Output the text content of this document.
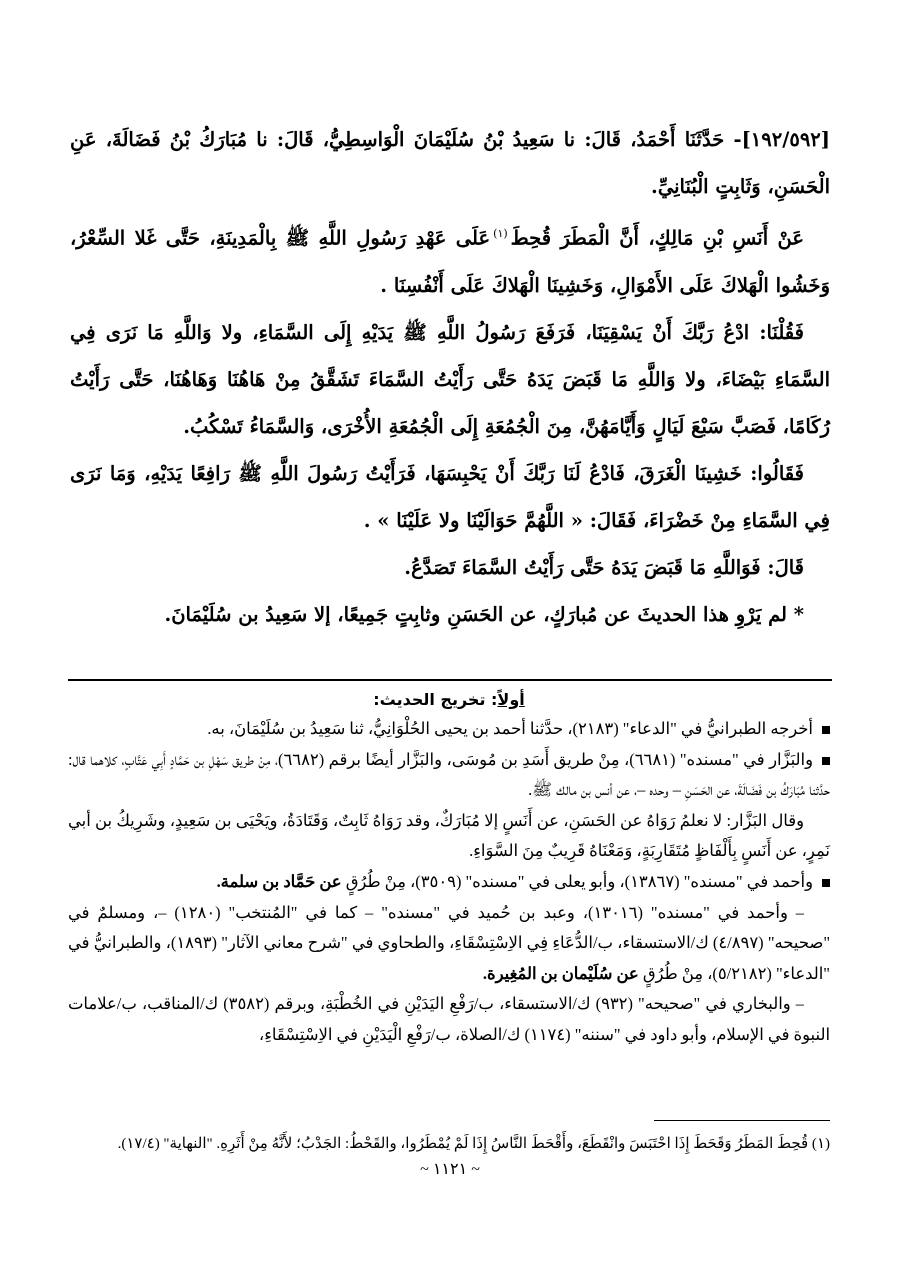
[١٩٢/٥٩٢]- حَدَّثَنَا أَحْمَدُ، قَالَ: نا سَعِيدُ بْنُ سُلَيْمَانَ الْوَاسِطِيُّ، قَالَ: نا مُبَارَكُ بْنُ فَضَالَةَ، عَنِ الْحَسَنِ، وَثَابِتٍ الْبُنَانِيِّ.

عَنْ أَنَسِ بْنِ مَالِكٍ، أَنَّ الْمَطَرَ قُحِطَ$^{(١)}$عَلَى عَهْدِ رَسُولِ اللَّهِ ﷺ بِالْمَدِينَةِ، حَتَّى غَلا السِّعْرُ، وَخَشُوا الْهَلاكَ عَلَى الأَمْوَالِ، وَخَشِينَا الْهَلاكَ عَلَى أَنْفُسِنَا .

فَقُلْنَا: ادْعُ رَبَّكَ أَنْ يَسْقِيَنَا، فَرَفَعَ رَسُولُ اللَّهِ ﷺ يَدَيْهِ إِلَى السَّمَاءِ، ولا وَاللَّهِ مَا نَرَى فِي السَّمَاءِ بَيْضَاءَ، ولا وَاللَّهِ مَا قَبَضَ يَدَهُ حَتَّى رَأَيْتُ السَّمَاءَ تَشَقَّقُ مِنْ هَاهُنَا وَهَاهُنَا، حَتَّى رَأَيْتُ رُكَامًا، فَصَبَّ سَبْعَ لَيَالٍ وَأَيَّامَهُنَّ، مِنَ الْجُمُعَةِ إِلَى الْجُمُعَةِ الأُخْرَى، وَالسَّمَاءُ تَسْكُبُ.

فَقَالُوا: خَشِينَا الْغَرَقَ، فَادْعُ لَنَا رَبَّكَ أَنْ يَحْبِسَهَا، فَرَأَيْتُ رَسُولَ اللَّهِ ﷺ رَافِعًا يَدَيْهِ، وَمَا نَرَى فِي السَّمَاءِ مِنْ خَضْرَاءَ، فَقَالَ: « اللَّهُمَّ حَوَالَيْنَا ولا عَلَيْنَا » .

قَالَ: فَوَاللَّهِ مَا قَبَضَ يَدَهُ حَتَّى رَأَيْتُ السَّمَاءَ تَصَدَّعُ.

* لم يَرْوِ هذا الحديثَ عن مُبارَكٍ، عن الحَسَنِ وثابِتٍ جَمِيعًا، إلا سَعِيدُ بن سُلَيْمَانَ.

أولاً: تخريج الحديث:

أخرجه الطبرانيُّ في "الدعاء" (٢١٨٣)، حدَّثنا أحمد بن يحيى الحُلْوَانِيُّ، ثنا سَعِيدُ بن سُلَيْمَانَ، به.

والبَزَّار في "مسنده" (٦٦٨١)، مِنْ طريق أَسَدِ بن مُوسَى، والبَزَّار أيضًا برقم (٦٦٨٢)، مِنْ طريق سَهْلِ بن حَمَّادٍ أَبِي عَتَّابٍ، كلاهما قال: حدَّثنا مُبَارَكُ بن فَضَالَةَ، عن الحَسَنِ – وحده –، عن أنس بن مالك ﷺ.

وقال البَزَّار: لا نعلمُ رَوَاهُ عن الحَسَنِ، عن أَنَسٍ إلا مُبَارَكٌ، وقد رَوَاهُ ثَابِتٌ، وَقَتَادَةُ، ويَحْيَى بن سَعِيدٍ، وشَرِيكُ بن أبي نَمِرٍ، عن أَنَسٍ بِأَلْفَاظٍ مُتَقَارِبَةٍ، وَمَعْنَاهُ قَرِيبٌ مِنَ السَّوَاءِ.

وأحمد في "مسنده" (١٣٨٦٧)، وأبو يعلى في "مسنده" (٣٥٠٩)، مِنْ طُرُقٍ عن حَمَّاد بن سلمة.

– وأحمد في "مسنده" (١٣٠١٦)، وعبد بن حُميد في "مسنده" – كما في "المُنتخب" (١٢٨٠) –، ومسلمٌ في "صحيحه" (٤/٨٩٧) ك/الاستسقاء، ب/الدُّعَاءِ فِي الاِسْتِسْقَاءِ، والطحاوي في "شرح معاني الآثار" (١٨٩٣)، والطبرانيُّ في "الدعاء" (٥/٢١٨٢)، مِنْ طُرُقٍ عن سُلَيْمان بن المُغِيرة.

– والبخاري في "صحيحه" (٩٣٢) ك/الاستسقاء، ب/رَفْعِ اليَدَيْنِ في الخُطْبَةِ، وبرقم (٣٥٨٢) ك/المناقب، ب/علامات النبوة في الإسلام، وأبو داود في "سننه" (١١٧٤) ك/الصلاة، ب/رَفْعِ الْيَدَيْنِ في الاِسْتِسْقَاءِ،

(١) قُحِطَ المَطَرُ وَقَحَطَ إِذَا احْتَبَسَ وانْقَطَعَ، وأَقْحَطَ النَّاسُ إِذَا لَمْ يُمْطَرُوا، والقَحْطُ: الجَدْبُ؛ لأَنَّهُ مِنْ أَثَرِهِ. "النهاية" (١٧/٤).
~ ١١٢١ ~
